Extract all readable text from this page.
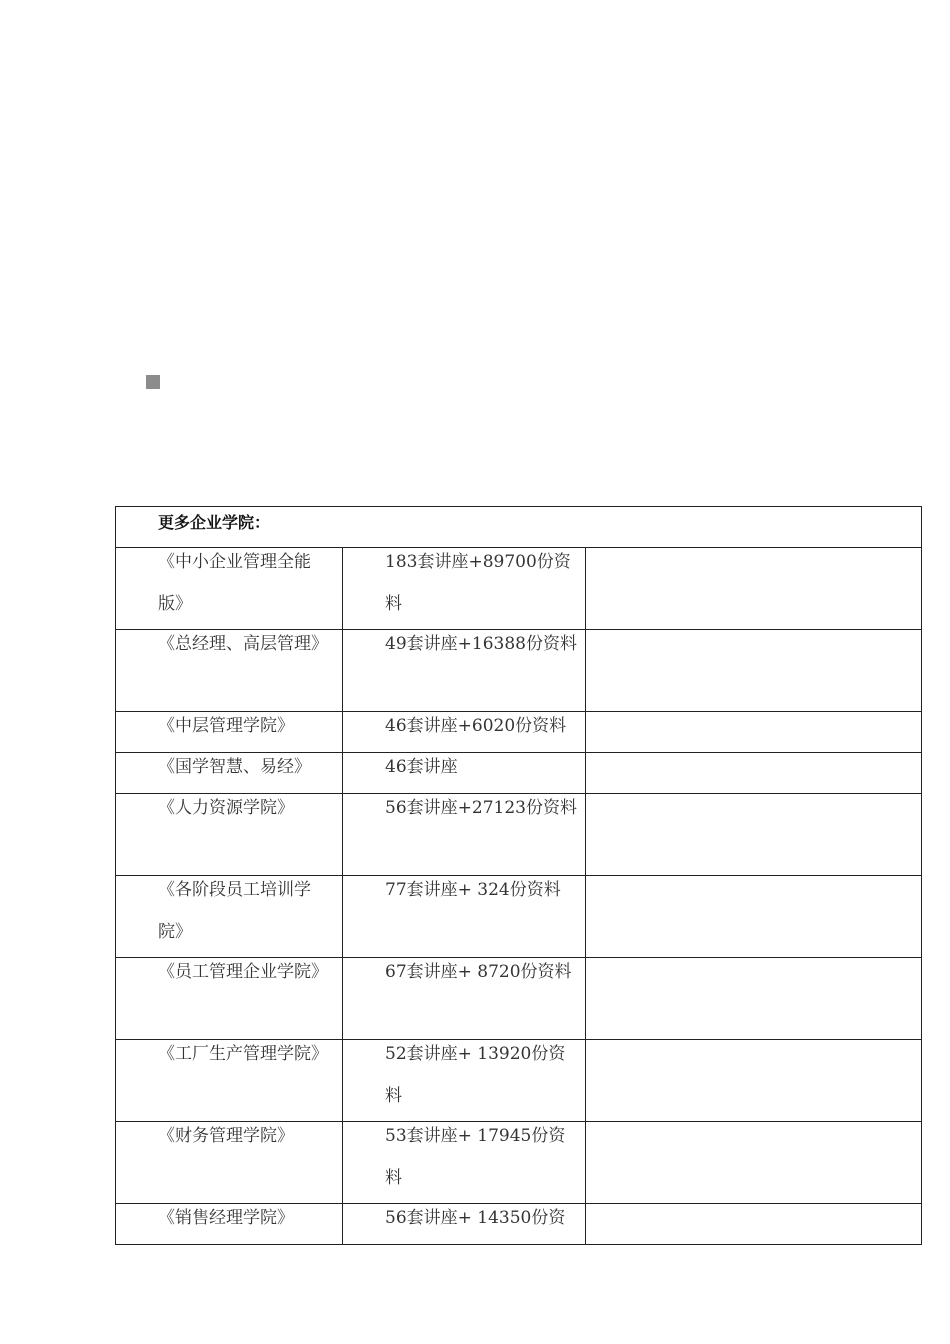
更多企业学院：		

《中小企业管理全能版》	183套讲座+89700份资料	

《总经理、高层管理》	49套讲座+16388份资料	

《中层管理学院》	46套讲座+6020份资料	

《国学智慧、易经》	46套讲座	

《人力资源学院》	56套讲座+27123份资料	

《各阶段员工培训学院》	77套讲座+ 324份资料	

《员工管理企业学院》	67套讲座+ 8720份资料	

《工厂生产管理学院》	52套讲座+ 13920份资料	

《财务管理学院》	53套讲座+ 17945份资料	

《销售经理学院》	56套讲座+ 14350份资	
